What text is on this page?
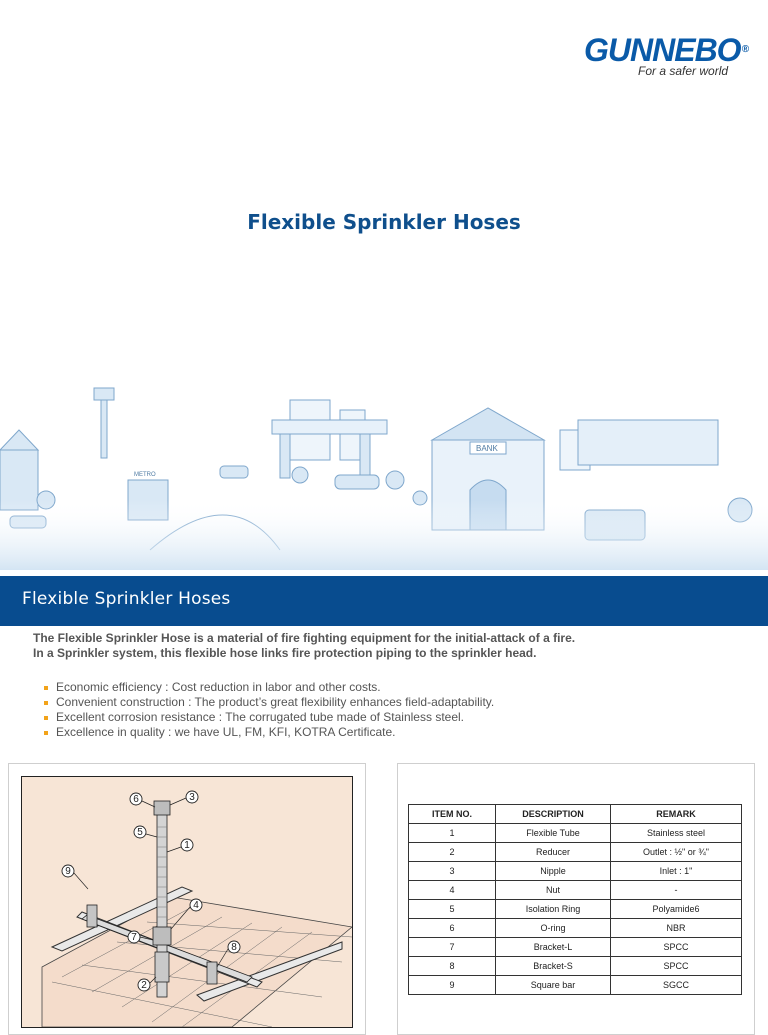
GUNNEBO®
For a safer world
Flexible Sprinkler Hoses
BANK
METRO
Flexible Sprinkler Hoses
The Flexible Sprinkler Hose is a material of fire fighting equipment for the initial-attack of a fire.
In a Sprinkler system, this flexible hose links fire protection piping to the sprinkler head.
Economic efficiency : Cost reduction in labor and other costs.
Convenient construction : The product’s great flexibility enhances field-adaptability.
Excellent corrosion resistance : The corrugated tube made of Stainless steel.
Excellence in quality : we have UL, FM, KFI, KOTRA Certificate.
1
2
3
4
5
6
7
8
9
ITEM NO.	DESCRIPTION	REMARK
1	Flexible Tube	Stainless steel
2	Reducer	Outlet : ½" or ¾"
3	Nipple	Inlet : 1"
4	Nut	-
5	Isolation Ring	Polyamide6
6	O-ring	NBR
7	Bracket-L	SPCC
8	Bracket-S	SPCC
9	Square bar	SGCC
